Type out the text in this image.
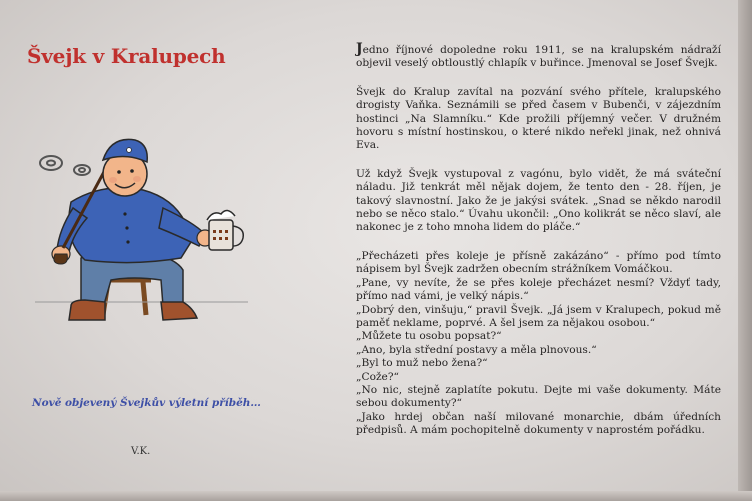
Švejk v Kralupech
Nově objevený Švejkův výletní příběh…
V.K.

Jedno říjnové dopoledne roku 1911, se na kralupském nádraží objevil veselý obtloustlý chlapík v buřince. Jmenoval se Josef Švejk.

Švejk do Kralup zavítal na pozvání svého přítele, kralupského drogisty Vaňka. Seznámili se před časem v Bubenči, v zájezdním hostinci „Na Slamníku.“ Kde prožili příjemný večer. V družném hovoru s místní hostinskou, o které nikdo neřekl jinak, než ohnivá Eva.

Už když Švejk vystupoval z vagónu, bylo vidět, že má sváteční náladu. Již tenkrát měl nějak dojem, že tento den - 28. říjen, je takový slavnostní. Jako že je jakýsi svátek. „Snad se někdo narodil nebo se něco stalo.“ Úvahu ukončil: „Ono kolikrát se něco slaví, ale nakonec je z toho mnoha lidem do pláče.“

„Přecházeti přes koleje je přísně zakázáno“ - přímo pod tímto nápisem byl Švejk zadržen obecním strážníkem Vomáčkou.

„Pane, vy nevíte, že se přes koleje přecházet nesmí? Vždyť tady, přímo nad vámi, je velký nápis.“

„Dobrý den, vinšuju,“ pravil Švejk. „Já jsem v Kralupech, pokud mě paměť neklame, poprvé. A šel jsem za nějakou osobou.“

„Můžete tu osobu popsat?“

„Ano, byla střední postavy a měla plnovous.“

„Byl to muž nebo žena?“

„Cože?“

„No nic, stejně zaplatíte pokutu. Dejte mi vaše dokumenty. Máte sebou dokumenty?“

„Jako hrdej občan naší milované monarchie, dbám úředních předpisů. A mám pochopitelně dokumenty v naprostém pořádku.
